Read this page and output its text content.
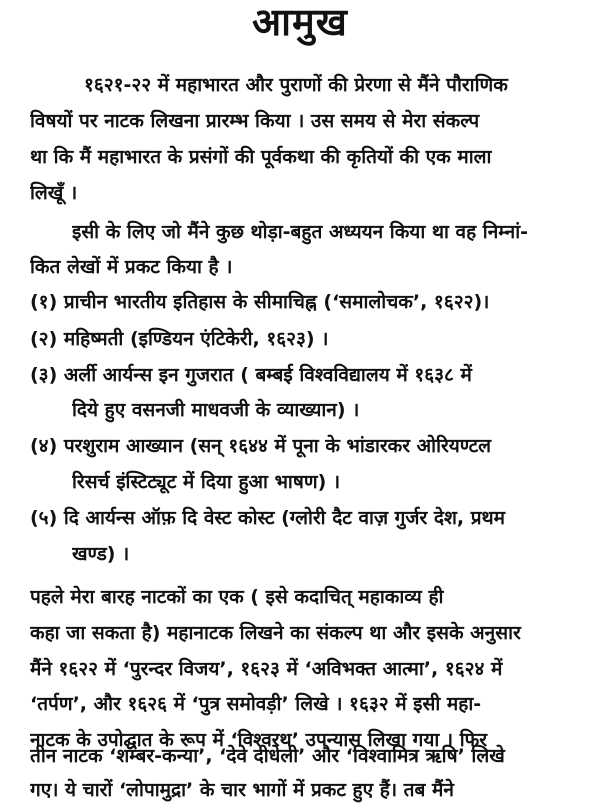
आमुख
१६२१-२२ में महाभारत और पुराणों की प्रेरणा से मैंने पौराणिक
विषयों पर नाटक लिखना प्रारम्भ किया । उस समय से मेरा संकल्प
था कि मैं महाभारत के प्रसंगों की पूर्वकथा की कृतियों की एक माला
लिखूँ ।
इसी के लिए जो मैंने कुछ थोड़ा-बहुत अध्ययन किया था वह निम्नां-
कित लेखों में प्रकट किया है ।
(१) प्राचीन भारतीय इतिहास के सीमाचिह्न (‘समालोचक’, १६२२)।
(२) महिष्मती (इण्डियन एंटिकेरी, १६२३) ।
(३) अर्ली आर्यन्स इन गुजरात ( बम्बई विश्वविद्यालय में १६३८ में
दिये हुए वसनजी माधवजी के व्याख्यान) ।
(४) परशुराम आख्यान (सन् १६४४ में पूना के भांडारकर ओरियण्टल
रिसर्च इंस्टिट्यूट में दिया हुआ भाषण) ।
(५) दि आर्यन्स ऑफ़ दि वेस्ट कोस्ट (ग्लोरी दैट वाज़ गुर्जर देश, प्रथम
खण्ड) ।
पहले मेरा बारह नाटकों का एक ( इसे कदाचित् महाकाव्य ही
कहा जा सकता है) महानाटक लिखने का संकल्प था और इसके अनुसार
मैंने १६२२ में ‘पुरन्दर विजय’, १६२३ में ‘अविभक्त आत्मा’, १६२४ में
‘तर्पण’, और १६२६ में ‘पुत्र समोवड़ी’ लिखे । १६३२ में इसी महा-
नाटक के उपोद्घात के रूप में ‘विश्वरथ’ उपन्यास लिखा गया । फिर
तीन नाटक ‘शम्बर-कन्या’, ‘देवे दीधेली’ और ‘विश्वामित्र ऋषि’ लिखे
गए। ये चारों ‘लोपामुद्रा’ के चार भागों में प्रकट हुए हैं। तब मैंने
